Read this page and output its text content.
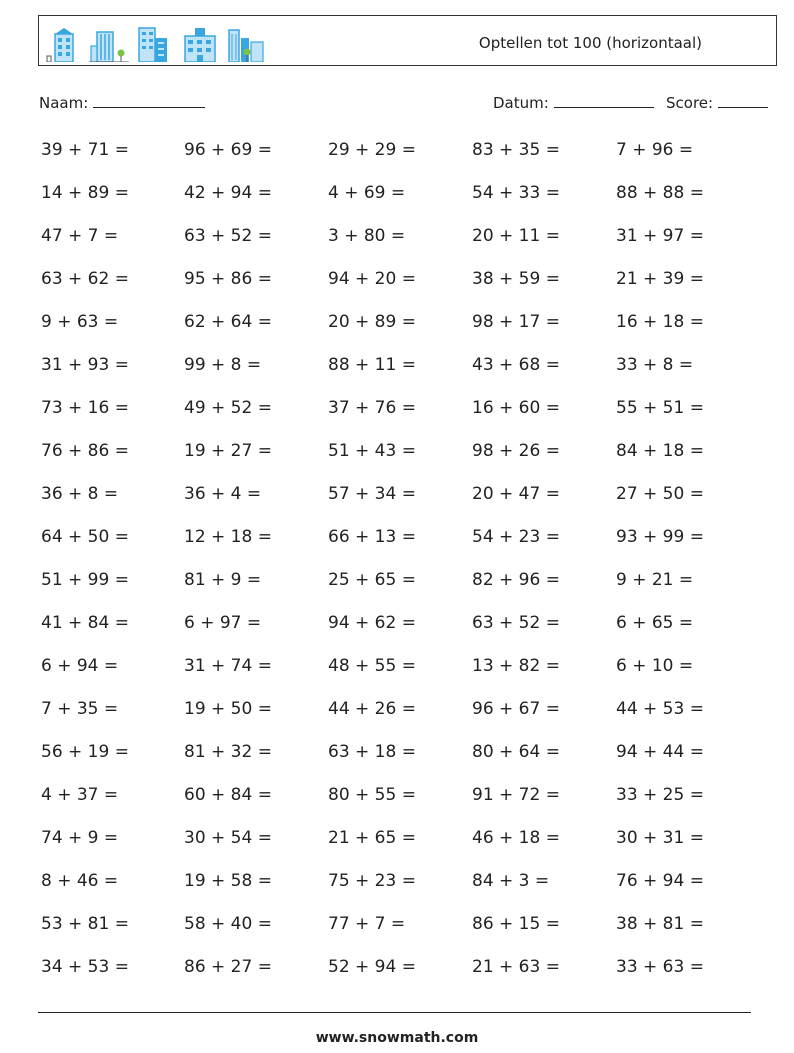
Optellen tot 100 (horizontaal)
Naam:	Datum:	Score:
39 + 71 =	96 + 69 =	29 + 29 =	83 + 35 =	7 + 96 =
14 + 89 =	42 + 94 =	4 + 69 =	54 + 33 =	88 + 88 =
47 + 7 =	63 + 52 =	3 + 80 =	20 + 11 =	31 + 97 =
63 + 62 =	95 + 86 =	94 + 20 =	38 + 59 =	21 + 39 =
9 + 63 =	62 + 64 =	20 + 89 =	98 + 17 =	16 + 18 =
31 + 93 =	99 + 8 =	88 + 11 =	43 + 68 =	33 + 8 =
73 + 16 =	49 + 52 =	37 + 76 =	16 + 60 =	55 + 51 =
76 + 86 =	19 + 27 =	51 + 43 =	98 + 26 =	84 + 18 =
36 + 8 =	36 + 4 =	57 + 34 =	20 + 47 =	27 + 50 =
64 + 50 =	12 + 18 =	66 + 13 =	54 + 23 =	93 + 99 =
51 + 99 =	81 + 9 =	25 + 65 =	82 + 96 =	9 + 21 =
41 + 84 =	6 + 97 =	94 + 62 =	63 + 52 =	6 + 65 =
6 + 94 =	31 + 74 =	48 + 55 =	13 + 82 =	6 + 10 =
7 + 35 =	19 + 50 =	44 + 26 =	96 + 67 =	44 + 53 =
56 + 19 =	81 + 32 =	63 + 18 =	80 + 64 =	94 + 44 =
4 + 37 =	60 + 84 =	80 + 55 =	91 + 72 =	33 + 25 =
74 + 9 =	30 + 54 =	21 + 65 =	46 + 18 =	30 + 31 =
8 + 46 =	19 + 58 =	75 + 23 =	84 + 3 =	76 + 94 =
53 + 81 =	58 + 40 =	77 + 7 =	86 + 15 =	38 + 81 =
34 + 53 =	86 + 27 =	52 + 94 =	21 + 63 =	33 + 63 =
www.snowmath.com
